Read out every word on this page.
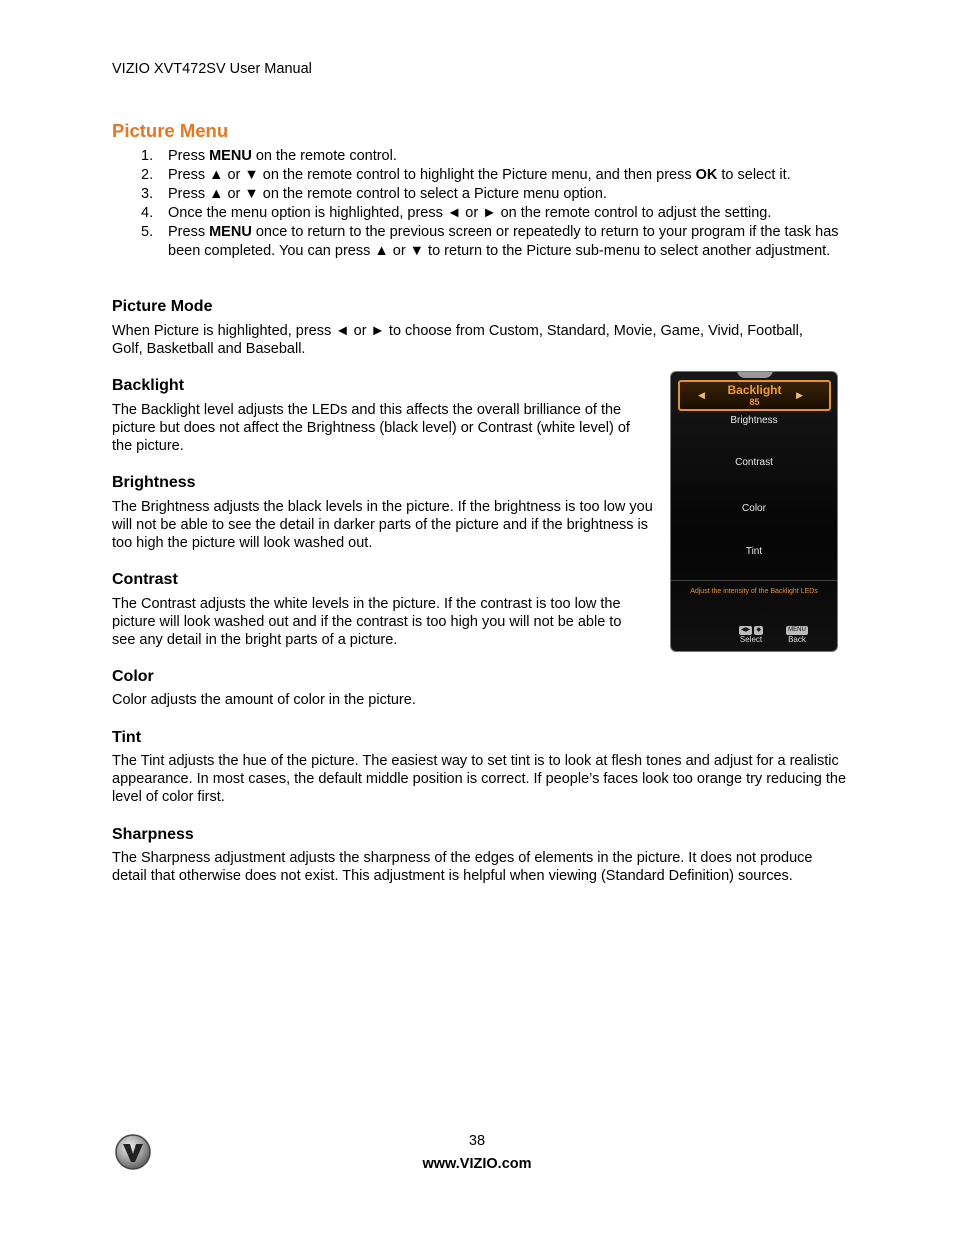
VIZIO XVT472SV User Manual
Picture Menu
1. Press MENU on the remote control.
2. Press ▲ or ▼ on the remote control to highlight the Picture menu, and then press OK to select it.
3. Press ▲ or ▼ on the remote control to select a Picture menu option.
4. Once the menu option is highlighted, press ◄ or ► on the remote control to adjust the setting.
5. Press MENU once to return to the previous screen or repeatedly to return to your program if the task has been completed. You can press ▲ or ▼ to return to the Picture sub-menu to select another adjustment.
Picture Mode
When Picture is highlighted, press ◄ or ► to choose from Custom, Standard, Movie, Game, Vivid, Football, Golf, Basketball and Baseball.
Backlight
The Backlight level adjusts the LEDs and this affects the overall brilliance of the picture but does not affect the Brightness (black level) or Contrast (white level) of the picture.
Brightness
The Brightness adjusts the black levels in the picture. If the brightness is too low you will not be able to see the detail in darker parts of the picture and if the brightness is too high the picture will look washed out.
Contrast
The Contrast adjusts the white levels in the picture. If the contrast is too low the picture will look washed out and if the contrast is too high you will not be able to see any detail in the bright parts of a picture.
Color
Color adjusts the amount of color in the picture.
Tint
The Tint adjusts the hue of the picture. The easiest way to set tint is to look at flesh tones and adjust for a realistic appearance. In most cases, the default middle position is correct. If people’s faces look too orange try reducing the level of color first.
Sharpness
The Sharpness adjustment adjusts the sharpness of the edges of elements in the picture. It does not produce detail that otherwise does not exist. This adjustment is helpful when viewing (Standard Definition) sources.
◀	Backlight
85
▶
Brightness
Contrast
Color
Tint
Adjust the intensity of the Backlight LEDs
◀▶ ◆
Select
MENU
Back
38
www.VIZIO.com
